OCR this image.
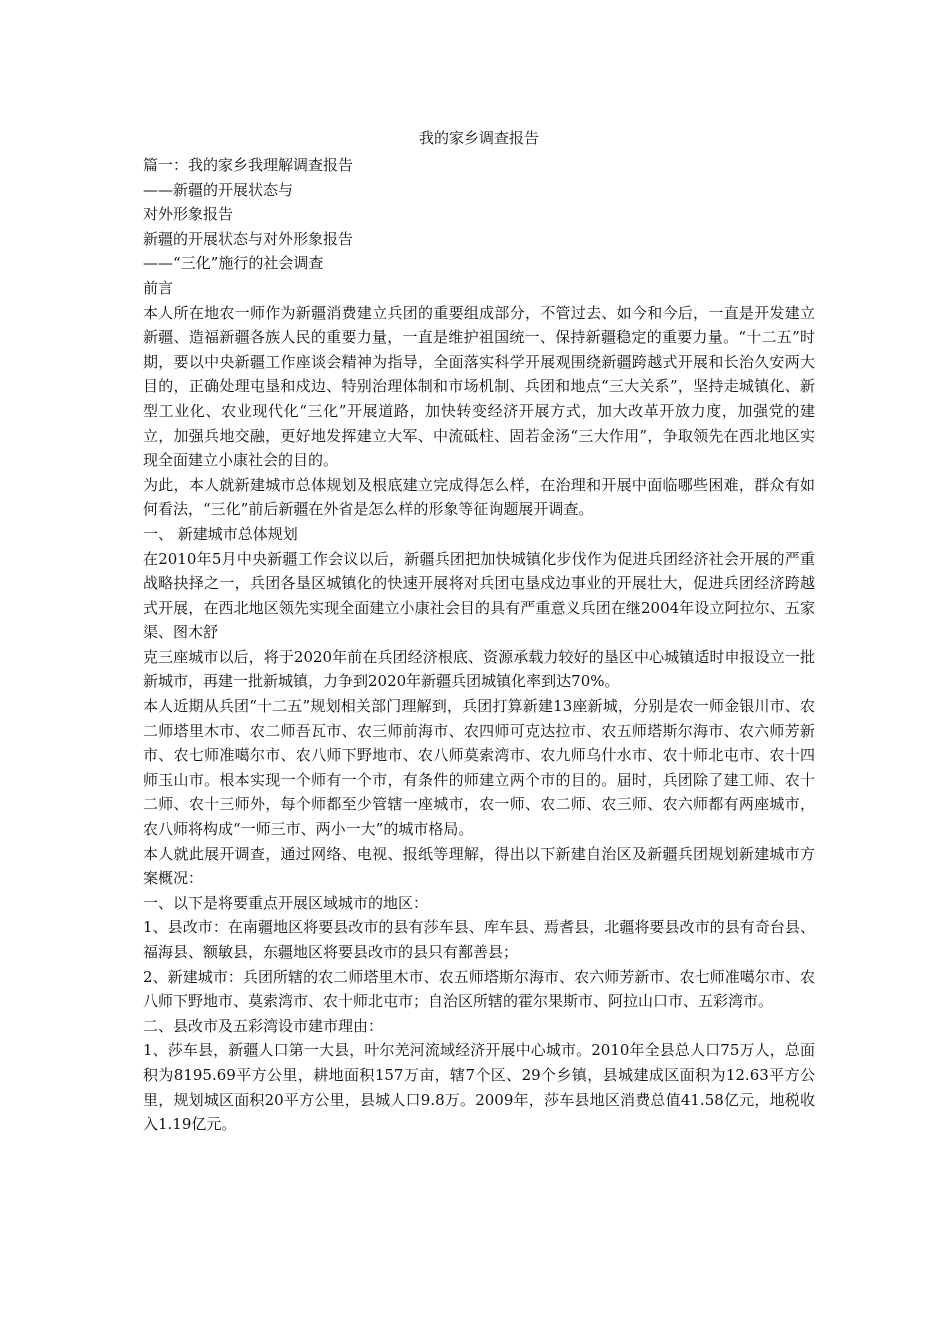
我的家乡调查报告

篇一：我的家乡我理解调查报告

——新疆的开展状态与

对外形象报告

新疆的开展状态与对外形象报告

——“三化”施行的社会调查

前言

本人所在地农一师作为新疆消费建立兵团的重要组成部分，不管过去、如今和今后，一直是开发建立新疆、造福新疆各族人民的重要力量，一直是维护祖国统一、保持新疆稳定的重要力量。“十二五”时期，要以中央新疆工作座谈会精神为指导，全面落实科学开展观围绕新疆跨越式开展和长治久安两大目的，正确处理屯垦和戍边、特别治理体制和市场机制、兵团和地点“三大关系”，坚持走城镇化、新型工业化、农业现代化“三化”开展道路，加快转变经济开展方式，加大改革开放力度，加强党的建立，加强兵地交融，更好地发挥建立大军、中流砥柱、固若金汤“三大作用”，争取领先在西北地区实现全面建立小康社会的目的。

为此，本人就新建城市总体规划及根底建立完成得怎么样，在治理和开展中面临哪些困难，群众有如何看法，“三化”前后新疆在外省是怎么样的形象等征询题展开调查。

一、 新建城市总体规划

在2010年5月中央新疆工作会议以后，新疆兵团把加快城镇化步伐作为促进兵团经济社会开展的严重战略抉择之一，兵团各垦区城镇化的快速开展将对兵团屯垦戍边事业的开展壮大，促进兵团经济跨越式开展，在西北地区领先实现全面建立小康社会目的具有严重意义兵团在继2004年设立阿拉尔、五家渠、图木舒

克三座城市以后，将于2020年前在兵团经济根底、资源承载力较好的垦区中心城镇适时申报设立一批新城市，再建一批新城镇，力争到2020年新疆兵团城镇化率到达70%。

本人近期从兵团“十二五”规划相关部门理解到，兵团打算新建13座新城，分别是农一师金银川市、农二师塔里木市、农二师吾瓦市、农三师前海市、农四师可克达拉市、农五师塔斯尔海市、农六师芳新市、农七师准噶尔市、农八师下野地市、农八师莫索湾市、农九师乌什水市、农十师北屯市、农十四师玉山市。根本实现一个师有一个市，有条件的师建立两个市的目的。届时，兵团除了建工师、农十二师、农十三师外，每个师都至少管辖一座城市，农一师、农二师、农三师、农六师都有两座城市，农八师将构成“一师三市、两小一大”的城市格局。

本人就此展开调查，通过网络、电视、报纸等理解，得出以下新建自治区及新疆兵团规划新建城市方案概况：

一、以下是将要重点开展区域城市的地区：

1、县改市：在南疆地区将要县改市的县有莎车县、库车县、焉耆县，北疆将要县改市的县有奇台县、福海县、额敏县，东疆地区将要县改市的县只有鄯善县；

2、新建城市：兵团所辖的农二师塔里木市、农五师塔斯尔海市、农六师芳新市、农七师准噶尔市、农八师下野地市、莫索湾市、农十师北屯市；自治区所辖的霍尔果斯市、阿拉山口市、五彩湾市。

二、县改市及五彩湾设市建市理由：

1、莎车县，新疆人口第一大县，叶尔羌河流域经济开展中心城市。2010年全县总人口75万人，总面积为8195.69平方公里，耕地面积157万亩，辖7个区、29个乡镇，县城建成区面积为12.63平方公里，规划城区面积20平方公里，县城人口9.8万。2009年，莎车县地区消费总值41.58亿元，地税收入1.19亿元。
